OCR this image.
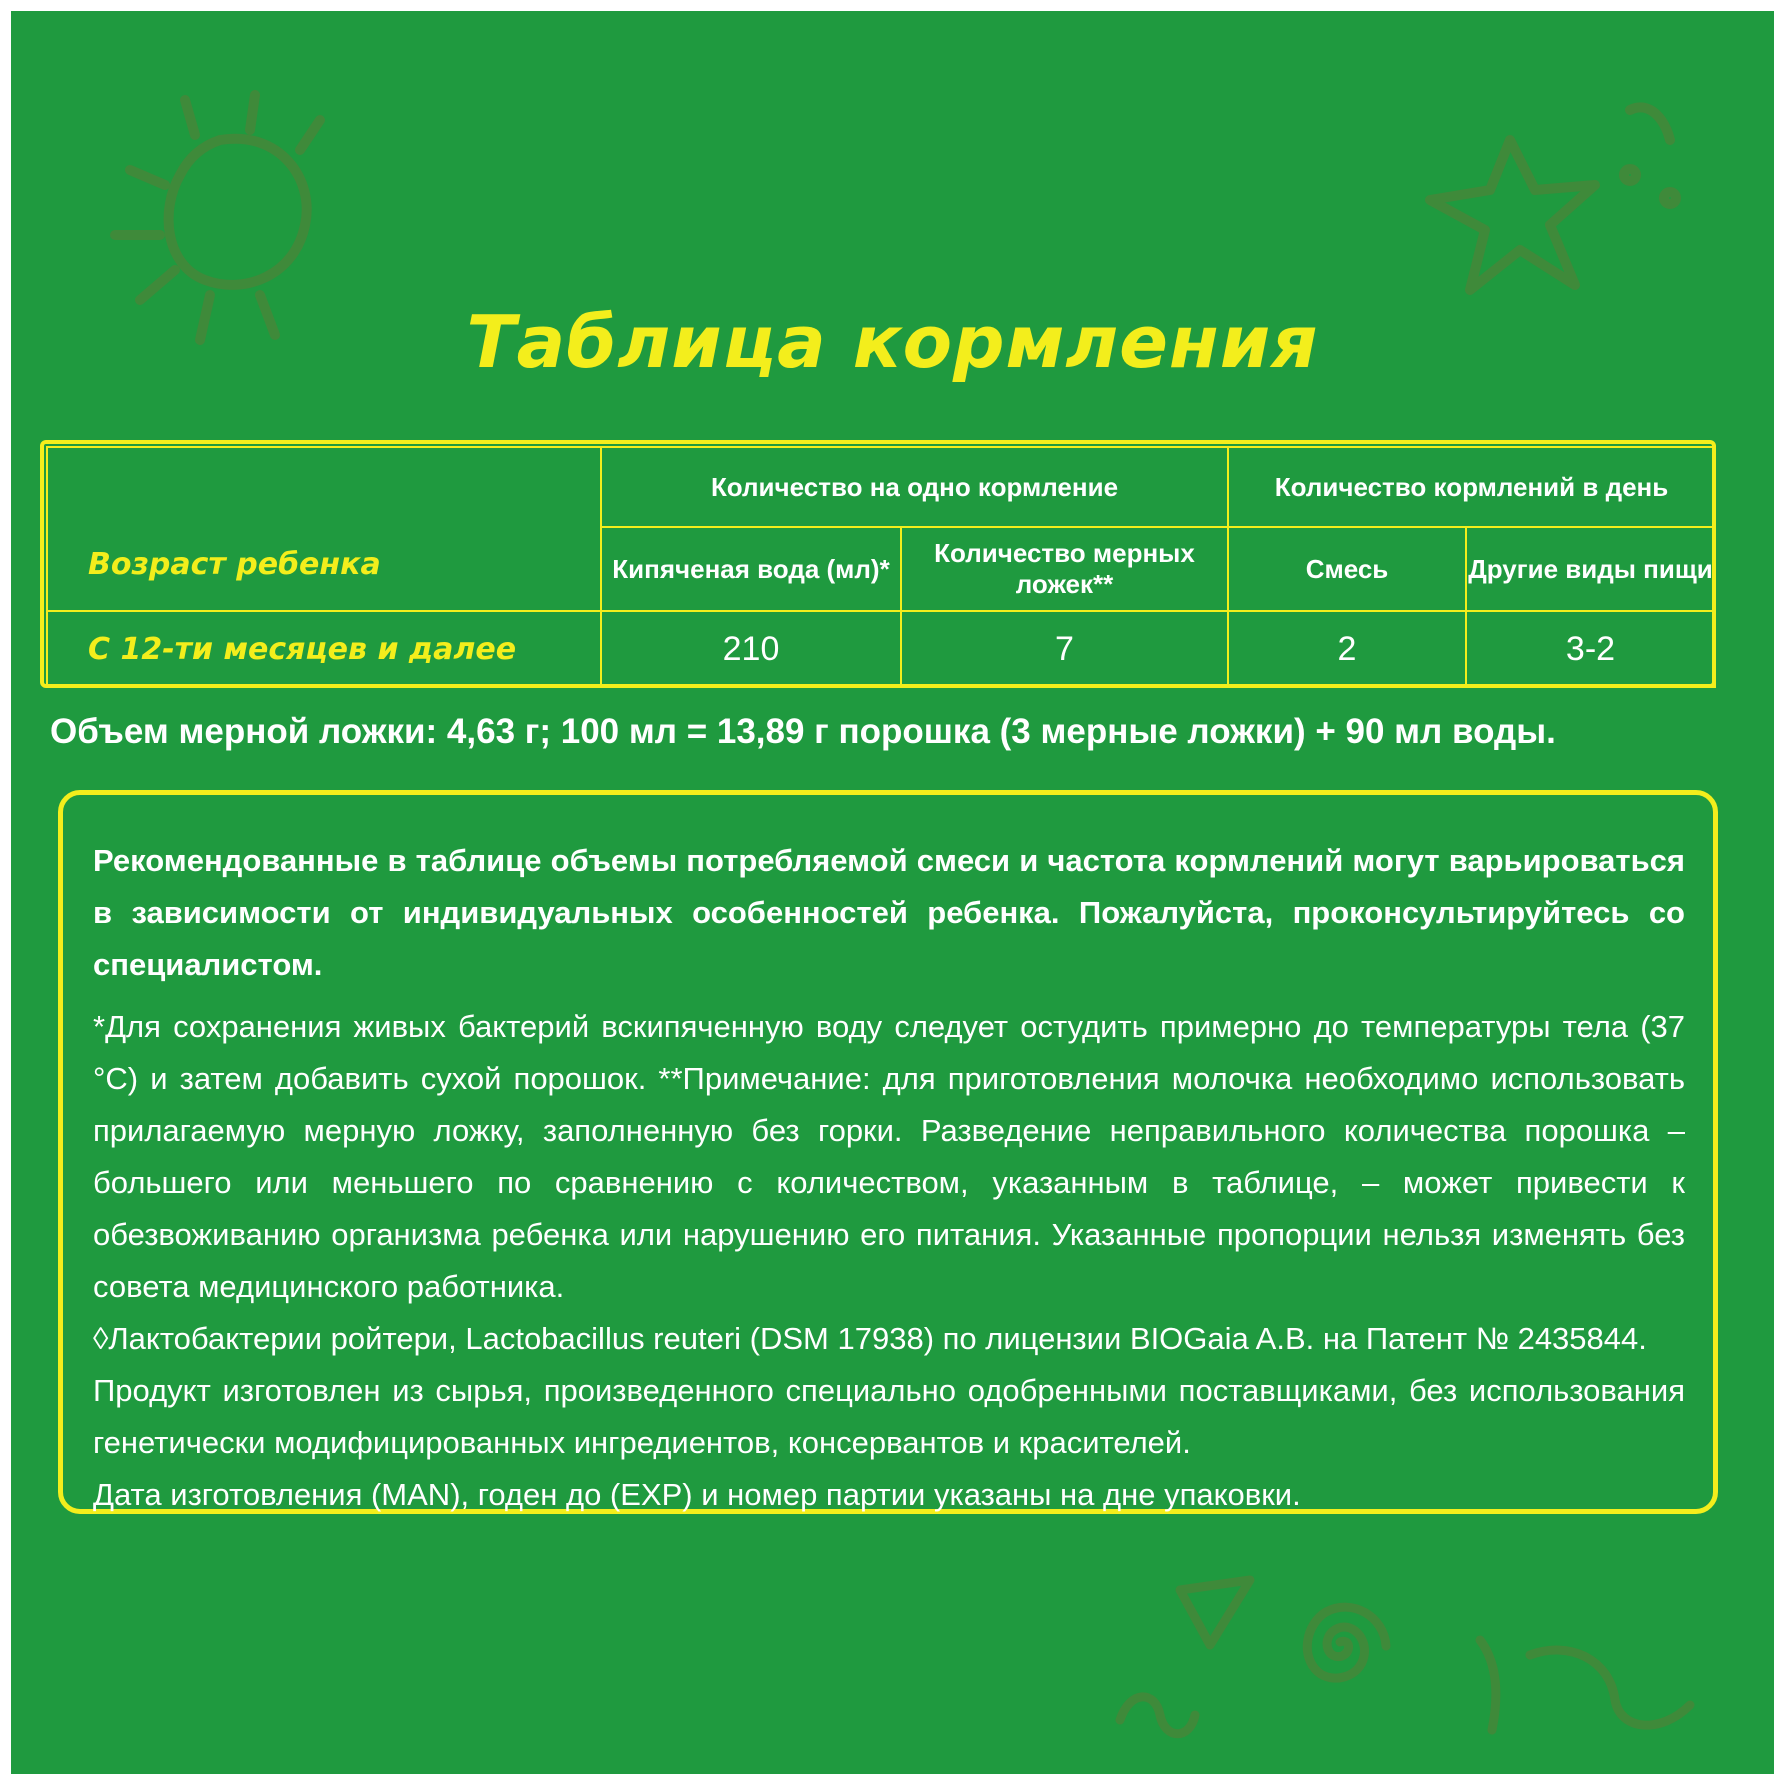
Таблица кормления
Возраст ребенка	Количество на одно кормление		Количество кормлений в день	
	Кипяченая вода (мл)*	Количество мерных ложек**	Смесь	Другие виды пищи
С 12-ти месяцев и далее	210	7	2	3-2
Объем мерной ложки: 4,63 г; 100 мл = 13,89 г порошка (3 мерные ложки) + 90 мл воды.

Рекомендованные в таблице объемы потребляемой смеси и частота кормлений могут варьироваться в зависимости от индивидуальных особенностей ребенка. Пожалуйста, проконсультируйтесь со специалистом.

*Для сохранения живых бактерий вскипяченную воду следует остудить примерно до температуры тела (37 °С) и затем добавить сухой порошок. **Примечание: для приготовления молочка необходимо использовать прилагаемую мерную ложку, заполненную без горки. Разведение неправильного количества порошка – большего или меньшего по сравнению с количеством, указанным в таблице, – может привести к обезвоживанию организма ребенка или нарушению его питания. Указанные пропорции нельзя изменять без совета медицинского работника.

◊Лактобактерии ройтери, Lactobacillus reuteri (DSM 17938) по лицензии BIOGaia A.B. на Патент № 2435844.

Продукт изготовлен из сырья, произведенного специально одобренными поставщиками, без использования генетически модифицированных ингредиентов, консервантов и красителей.

Дата изготовления (MAN), годен до (EXP) и номер партии указаны на дне упаковки.
